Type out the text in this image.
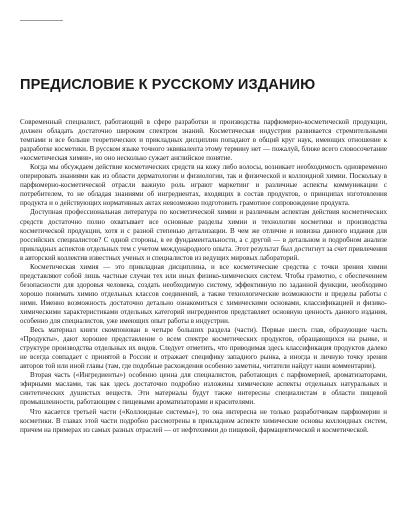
ПРЕДИСЛОВИЕ К РУССКОМУ ИЗДАНИЮ

Современный специалист, работающий в сфере разработки и производства парфюмерно-косметической продукции, должен обладать достаточно широким спектром знаний. Косметическая индустрия развивается стремительными темпами и все больше теоретических и прикладных дисциплин попадают в общий круг наук, имеющих отношение к разработке косметики. В русском языке точного эквивалента этому термину нет — пожалуй, ближе всего словосочетание «косметическая химия», но оно несколько сужает английское понятие.

Когда мы обсуждаем действие косметических средств на кожу либо волосы, возникает необходимость одновременно оперировать знаниями как из области дерматологии и физиологии, так и физической и коллоидной химии. Поскольку в парфюмерно-косметической отрасли важную роль играют маркетинг и различные аспекты коммуникации с потребителем, то не обладая знаниями об ингредиентах, входящих в состав продуктов, о принципах изготовления продукта и о действующих нормативных актах невозможно подготовить грамотное сопровождение продукта.

Доступная профессиональная литература по косметической химии и различным аспектам действия косметических средств достаточно полно охватывает все основные разделы химии и технологии косметики и производства косметической продукции, хотя и с разной степенью детализации. В чем же отличие и новизна данного издания для российских специалистов? С одной стороны, в ее фундаментальности, а с другой — в детальном и подробном анализе прикладных аспектов отдельных тем с учетом международного опыта. Этот результат был достигнут за счет привлечения в авторский коллектив известных ученых и специалистов из ведущих мировых лабораторий.

Косметическая химия — это прикладная дисциплина, и все косметические средства с точки зрения химии представляют собой лишь частные случаи тех или иных физико-химических систем. Чтобы грамотно, с обеспечением безопасности для здоровья человека, создать необходимую систему, эффективную по заданной функции, необходимо хорошо понимать химию отдельных классов соединений, а также технологические возможности и пределы работы с ними. Именно возможность достаточно детально ознакомиться с химическими основами, классификацией и физико-химическими характеристиками отдельных категорий ингредиентов представляет основную ценность данного издания, особенно для специалистов, уже имеющих опыт работы в индустрии.

Весь материал книги скомпонован в четыре больших раздела (части). Первые шесть глав, образующие часть «Продукты», дают хорошее представление о всем спектре косметических продуктов, обращающихся на рынке, и структуре производства отдельных их видов. Следует отметить, что приводимая здесь классификация продуктов далеко не всегда совпадает с принятой в России и отражает специфику западного рынка, а иногда и личную точку зрения авторов той или иной главы (там, где подобные расхождения особенно заметны, читатели найдут наши комментарии).

Вторая часть («Ингредиенты») особенно ценна для специалистов, работающих с парфюмерией, ароматизаторами, эфирными маслами, так как здесь достаточно подробно изложены химические аспекты отдельных натуральных и синтетических душистых веществ. Эти материалы будут также интересны специалистам в области пищевой промышленности, работающим с пищевыми ароматизаторами и красителями.

Что касается третьей части («Коллоидные системы»), то она интересна не только разработчикам парфюмерии и косметики. В главах этой части подробно рассмотрены в прикладном аспекте химические основы коллоидных систем, причем на примерах из самых разных отраслей — от нефтехимии до пищевой, фармацевтической и косметической.
